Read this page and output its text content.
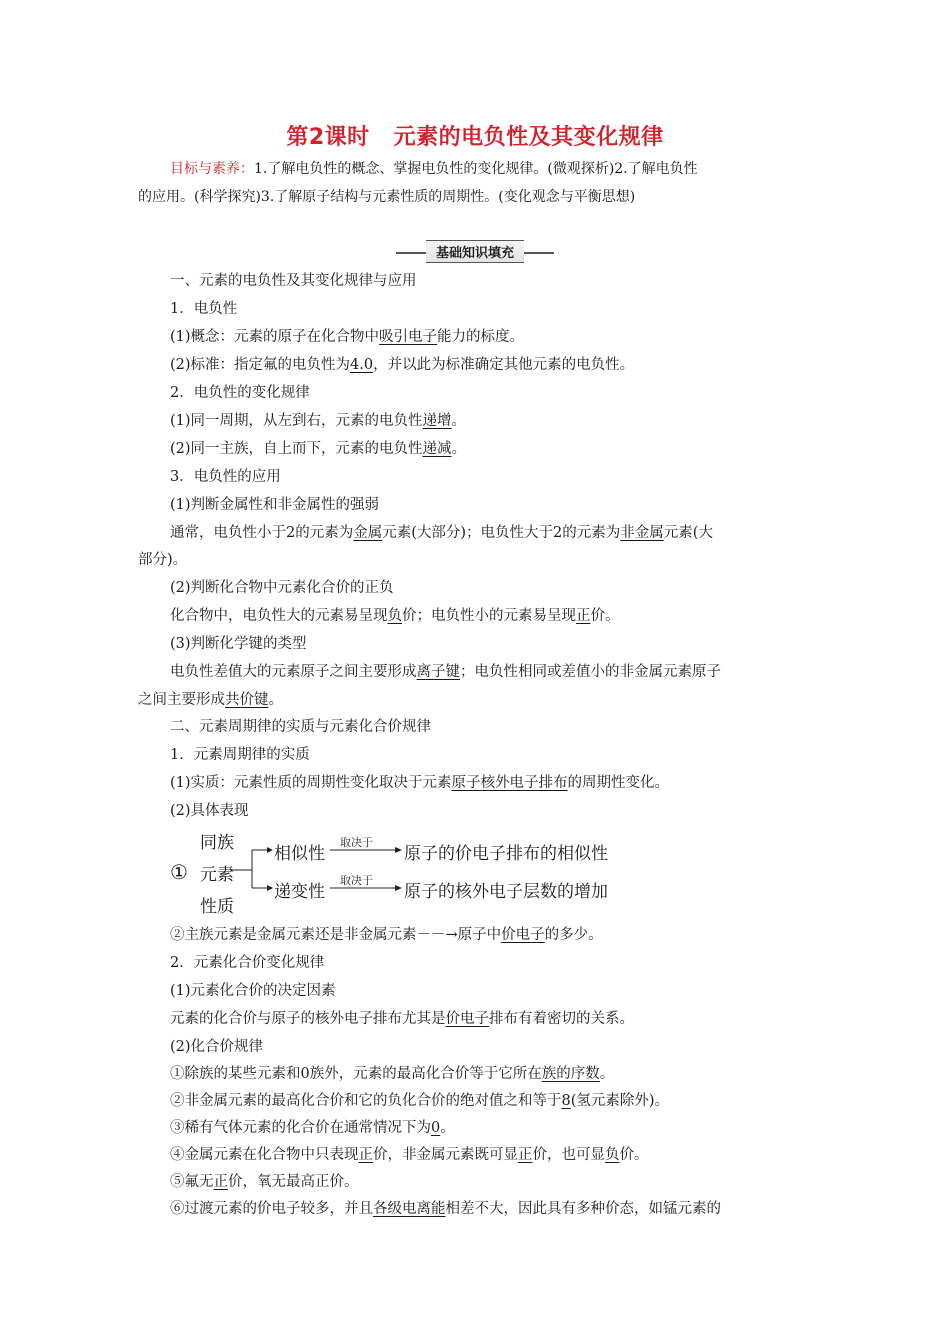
第2课时 元素的电负性及其变化规律
目标与素养：1.了解电负性的概念、掌握电负性的变化规律。(微观探析)2.了解电负性
的应用。(科学探究)3.了解原子结构与元素性质的周期性。(变化观念与平衡思想)
基础知识填充
一、元素的电负性及其变化规律与应用
1．电负性
(1)概念：元素的原子在化合物中吸引电子能力的标度。
(2)标准：指定氟的电负性为4.0，并以此为标准确定其他元素的电负性。
2．电负性的变化规律
(1)同一周期，从左到右，元素的电负性递增。
(2)同一主族，自上而下，元素的电负性递减。
3．电负性的应用
(1)判断金属性和非金属性的强弱
通常，电负性小于2的元素为金属元素(大部分)；电负性大于2的元素为非金属元素(大
部分)。
(2)判断化合物中元素化合价的正负
化合物中，电负性大的元素易呈现负价；电负性小的元素易呈现正价。
(3)判断化学键的类型
电负性差值大的元素原子之间主要形成离子键；电负性相同或差值小的非金属元素原子
之间主要形成共价键。
二、元素周期律的实质与元素化合价规律
1．元素周期律的实质
(1)实质：元素性质的周期性变化取决于元素原子核外电子排布的周期性变化。
(2)具体表现
①
同族
元素
性质
相似性
递变性
取决于
取决于
原子的价电子排布的相似性
原子的核外电子层数的增加
②主族元素是金属元素还是非金属元素－－→原子中价电子的多少。
2．元素化合价变化规律
(1)元素化合价的决定因素
元素的化合价与原子的核外电子排布尤其是价电子排布有着密切的关系。
(2)化合价规律
①除族的某些元素和0族外，元素的最高化合价等于它所在族的序数。
②非金属元素的最高化合价和它的负化合价的绝对值之和等于8(氢元素除外)。
③稀有气体元素的化合价在通常情况下为0。
④金属元素在化合物中只表现正价，非金属元素既可显正价，也可显负价。
⑤氟无正价，氧无最高正价。
⑥过渡元素的价电子较多，并且各级电离能相差不大，因此具有多种价态，如锰元素的
